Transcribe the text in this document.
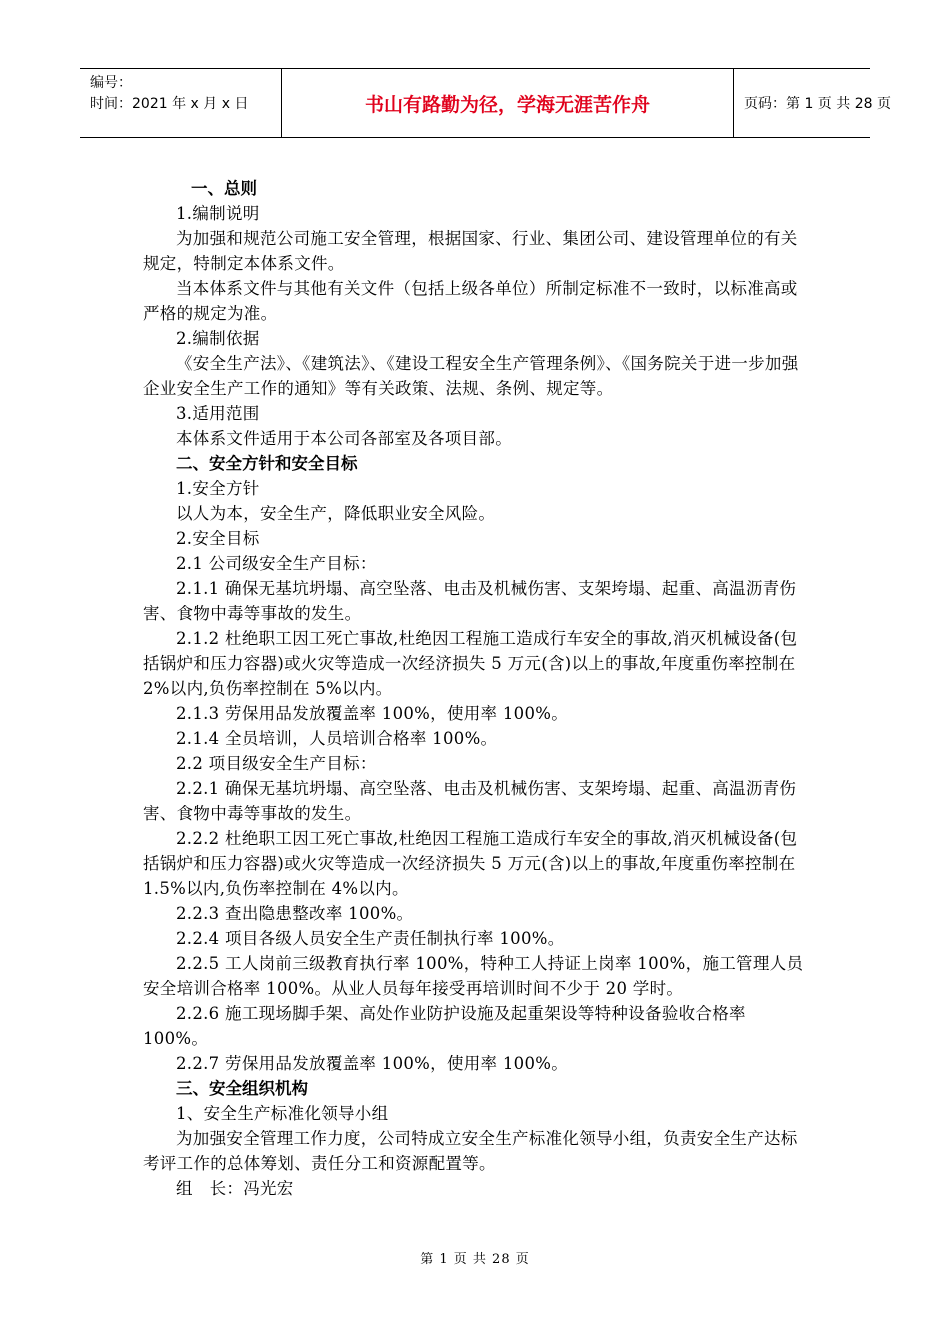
编号：
时间：2021 年 x 月 x 日	书山有路勤为径，学海无涯苦作舟	页码：第 1 页 共 28 页

一、总则

1.编制说明

为加强和规范公司施工安全管理，根据国家、行业、集团公司、建设管理单位的有关规定，特制定本体系文件。

当本体系文件与其他有关文件（包括上级各单位）所制定标准不一致时，以标准高或严格的规定为准。

2.编制依据

《安全生产法》、《建筑法》、《建设工程安全生产管理条例》、《国务院关于进一步加强企业安全生产工作的通知》等有关政策、法规、条例、规定等。

3.适用范围

本体系文件适用于本公司各部室及各项目部。

二、安全方针和安全目标

1.安全方针

以人为本，安全生产，降低职业安全风险。

2.安全目标

2.1 公司级安全生产目标：

2.1.1 确保无基坑坍塌、高空坠落、电击及机械伤害、支架垮塌、起重、高温沥青伤害、食物中毒等事故的发生。

2.1.2 杜绝职工因工死亡事故,杜绝因工程施工造成行车安全的事故,消灭机械设备(包括锅炉和压力容器)或火灾等造成一次经济损失 5 万元(含)以上的事故,年度重伤率控制在 2%以内,负伤率控制在 5%以内。

2.1.3 劳保用品发放覆盖率 100%，使用率 100%。

2.1.4 全员培训，人员培训合格率 100%。

2.2 项目级安全生产目标：

2.2.1 确保无基坑坍塌、高空坠落、电击及机械伤害、支架垮塌、起重、高温沥青伤害、食物中毒等事故的发生。

2.2.2 杜绝职工因工死亡事故,杜绝因工程施工造成行车安全的事故,消灭机械设备(包括锅炉和压力容器)或火灾等造成一次经济损失 5 万元(含)以上的事故,年度重伤率控制在 1.5%以内,负伤率控制在 4%以内。

2.2.3 查出隐患整改率 100%。

2.2.4 项目各级人员安全生产责任制执行率 100%。

2.2.5 工人岗前三级教育执行率 100%，特种工人持证上岗率 100%，施工管理人员安全培训合格率 100%。从业人员每年接受再培训时间不少于 20 学时。

2.2.6 施工现场脚手架、高处作业防护设施及起重架设等特种设备验收合格率 100%。

2.2.7 劳保用品发放覆盖率 100%，使用率 100%。

三、安全组织机构

1、安全生产标准化领导小组

为加强安全管理工作力度，公司特成立安全生产标准化领导小组，负责安全生产达标考评工作的总体筹划、责任分工和资源配置等。

组　长：冯光宏

第 1 页 共 28 页
